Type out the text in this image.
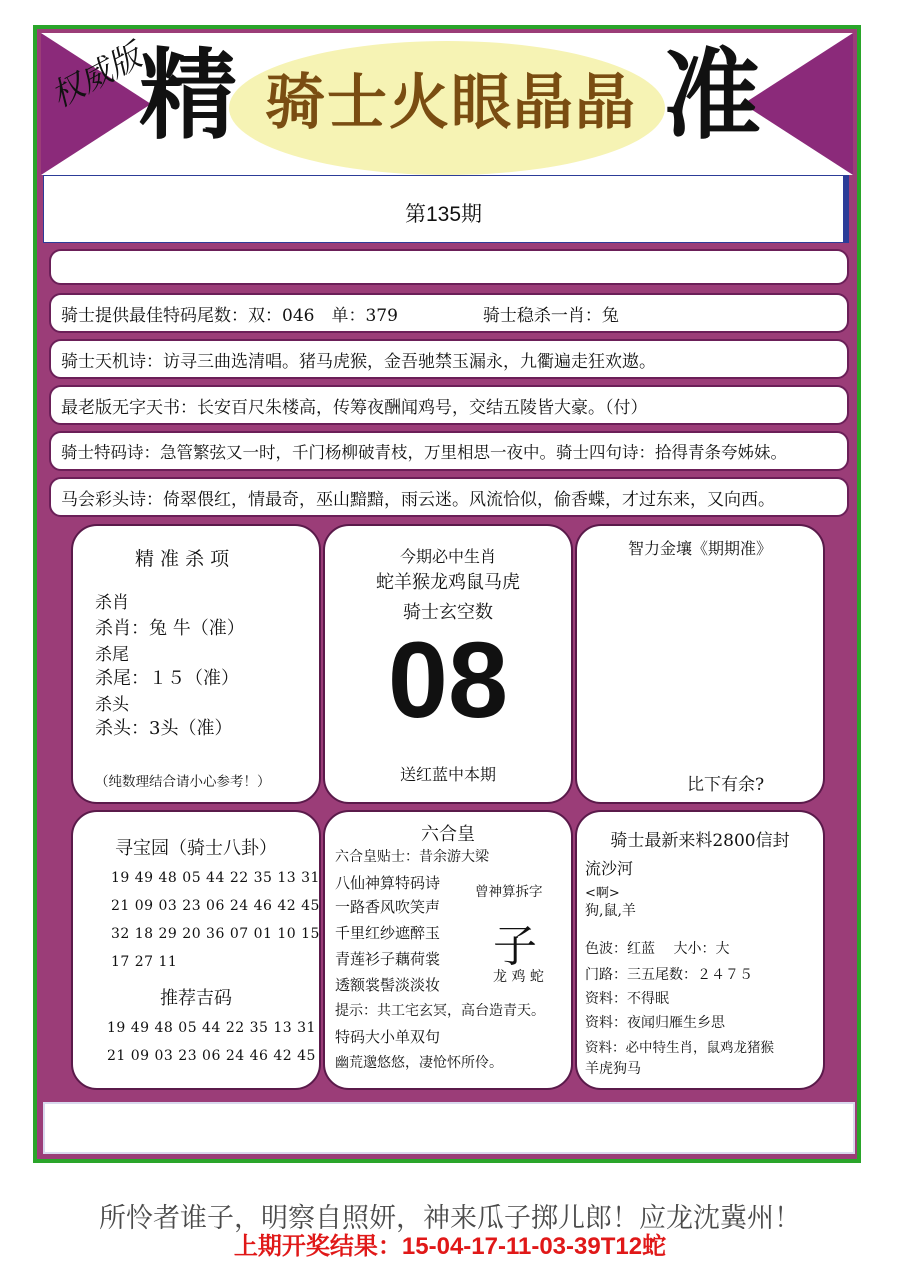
权威版
精 骑士火眼晶晶 准
第135期
骑士提供最佳特码尾数：双：046　单：379　　　　　骑士稳杀一肖：兔
骑士天机诗：访寻三曲选清唱。猪马虎猴，金吾驰禁玉漏永，九衢遍走狂欢遨。
最老版无字天书：长安百尺朱楼高，传筹夜酬闻鸡号，交结五陵皆大豪。（付）
骑士特码诗：急管繁弦又一时，千门杨柳破青枝，万里相思一夜中。骑士四句诗：拾得青条夸姊妹。
马会彩头诗：倚翠偎红，情最奇，巫山黯黯，雨云迷。风流恰似，偷香蝶，才过东来，又向西。
精 准 杀 项
杀肖
杀肖：兔 牛（准）
杀尾
杀尾：１５（准）
杀头
杀头：3头（准）
（纯数理结合请小心参考！）
今期必中生肖
蛇羊猴龙鸡鼠马虎
骑士玄空数
08
送红蓝中本期
智力金壤《期期准》
比下有余?
寻宝园（骑士八卦）
19 49 48 05 44 22 35 13 31
21 09 03 23 06 24 46 42 45
32 18 29 20 36 07 01 10 15
17 27 11
推荐吉码
19 49 48 05 44 22 35 13 31
21 09 03 23 06 24 46 42 45
六合皇
六合皇贴士：昔余游大梁
八仙神算特码诗
一路香风吹笑声
千里红纱遮醉玉
青莲衫子藕荷裳
透额裳髻淡淡妆
提示：共工宅玄冥，高台造青天。
特码大小单双句
幽荒邈悠悠，凄怆怀所伶。
曾神算拆字
子
龙 鸡 蛇
骑士最新来料2800信封
流沙河
<啊>
狗,鼠,羊
色波：红蓝　 大小：大
门路：三五尾数：２４７５
资料：不得眠
资料：夜闻归雁生乡思
资料：必中特生肖，鼠鸡龙猪猴
羊虎狗马
所怜者谁子，明察自照妍，神来瓜子掷儿郎！应龙沈冀州！
上期开奖结果：15-04-17-11-03-39T12蛇
